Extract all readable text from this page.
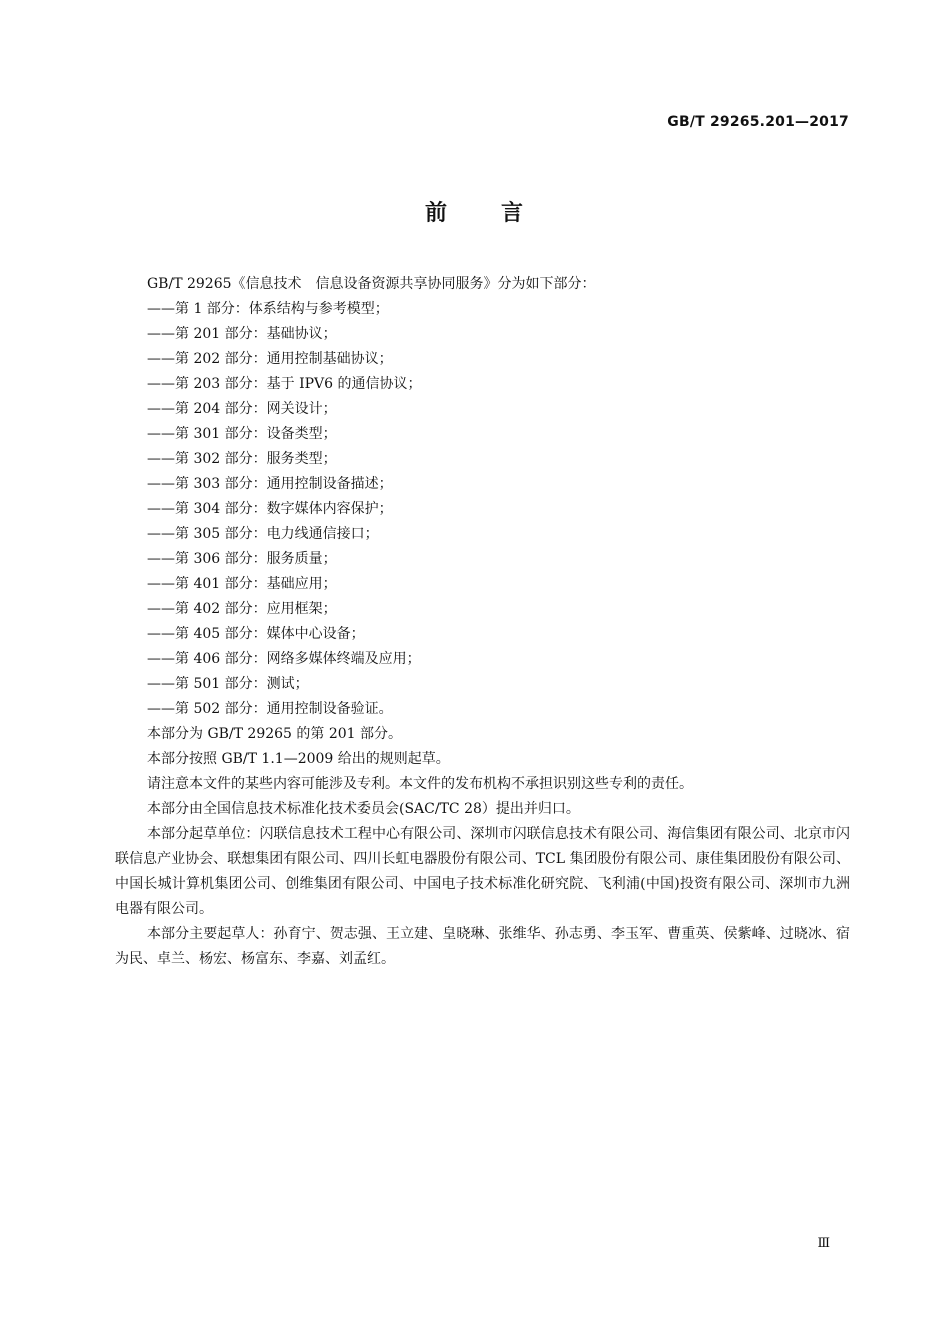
GB/T 29265.201—2017
前 言

GB/T 29265《信息技术　信息设备资源共享协同服务》分为如下部分：

——第 1 部分：体系结构与参考模型；

——第 201 部分：基础协议；

——第 202 部分：通用控制基础协议；

——第 203 部分：基于 IPV6 的通信协议；

——第 204 部分：网关设计；

——第 301 部分：设备类型；

——第 302 部分：服务类型；

——第 303 部分：通用控制设备描述；

——第 304 部分：数字媒体内容保护；

——第 305 部分：电力线通信接口；

——第 306 部分：服务质量；

——第 401 部分：基础应用；

——第 402 部分：应用框架；

——第 405 部分：媒体中心设备；

——第 406 部分：网络多媒体终端及应用；

——第 501 部分：测试；

——第 502 部分：通用控制设备验证。

本部分为 GB/T 29265 的第 201 部分。

本部分按照 GB/T 1.1—2009 给出的规则起草。

请注意本文件的某些内容可能涉及专利。本文件的发布机构不承担识别这些专利的责任。

本部分由全国信息技术标准化技术委员会(SAC/TC 28）提出并归口。

本部分起草单位：闪联信息技术工程中心有限公司、深圳市闪联信息技术有限公司、海信集团有限公司、北京市闪联信息产业协会、联想集团有限公司、四川长虹电器股份有限公司、TCL 集团股份有限公司、康佳集团股份有限公司、中国长城计算机集团公司、创维集团有限公司、中国电子技术标准化研究院、飞利浦(中国)投资有限公司、深圳市九洲电器有限公司。

本部分主要起草人：孙育宁、贺志强、王立建、皇晓琳、张维华、孙志勇、李玉军、曹重英、侯紫峰、过晓冰、宿为民、卓兰、杨宏、杨富东、李嘉、刘孟红。

Ⅲ
